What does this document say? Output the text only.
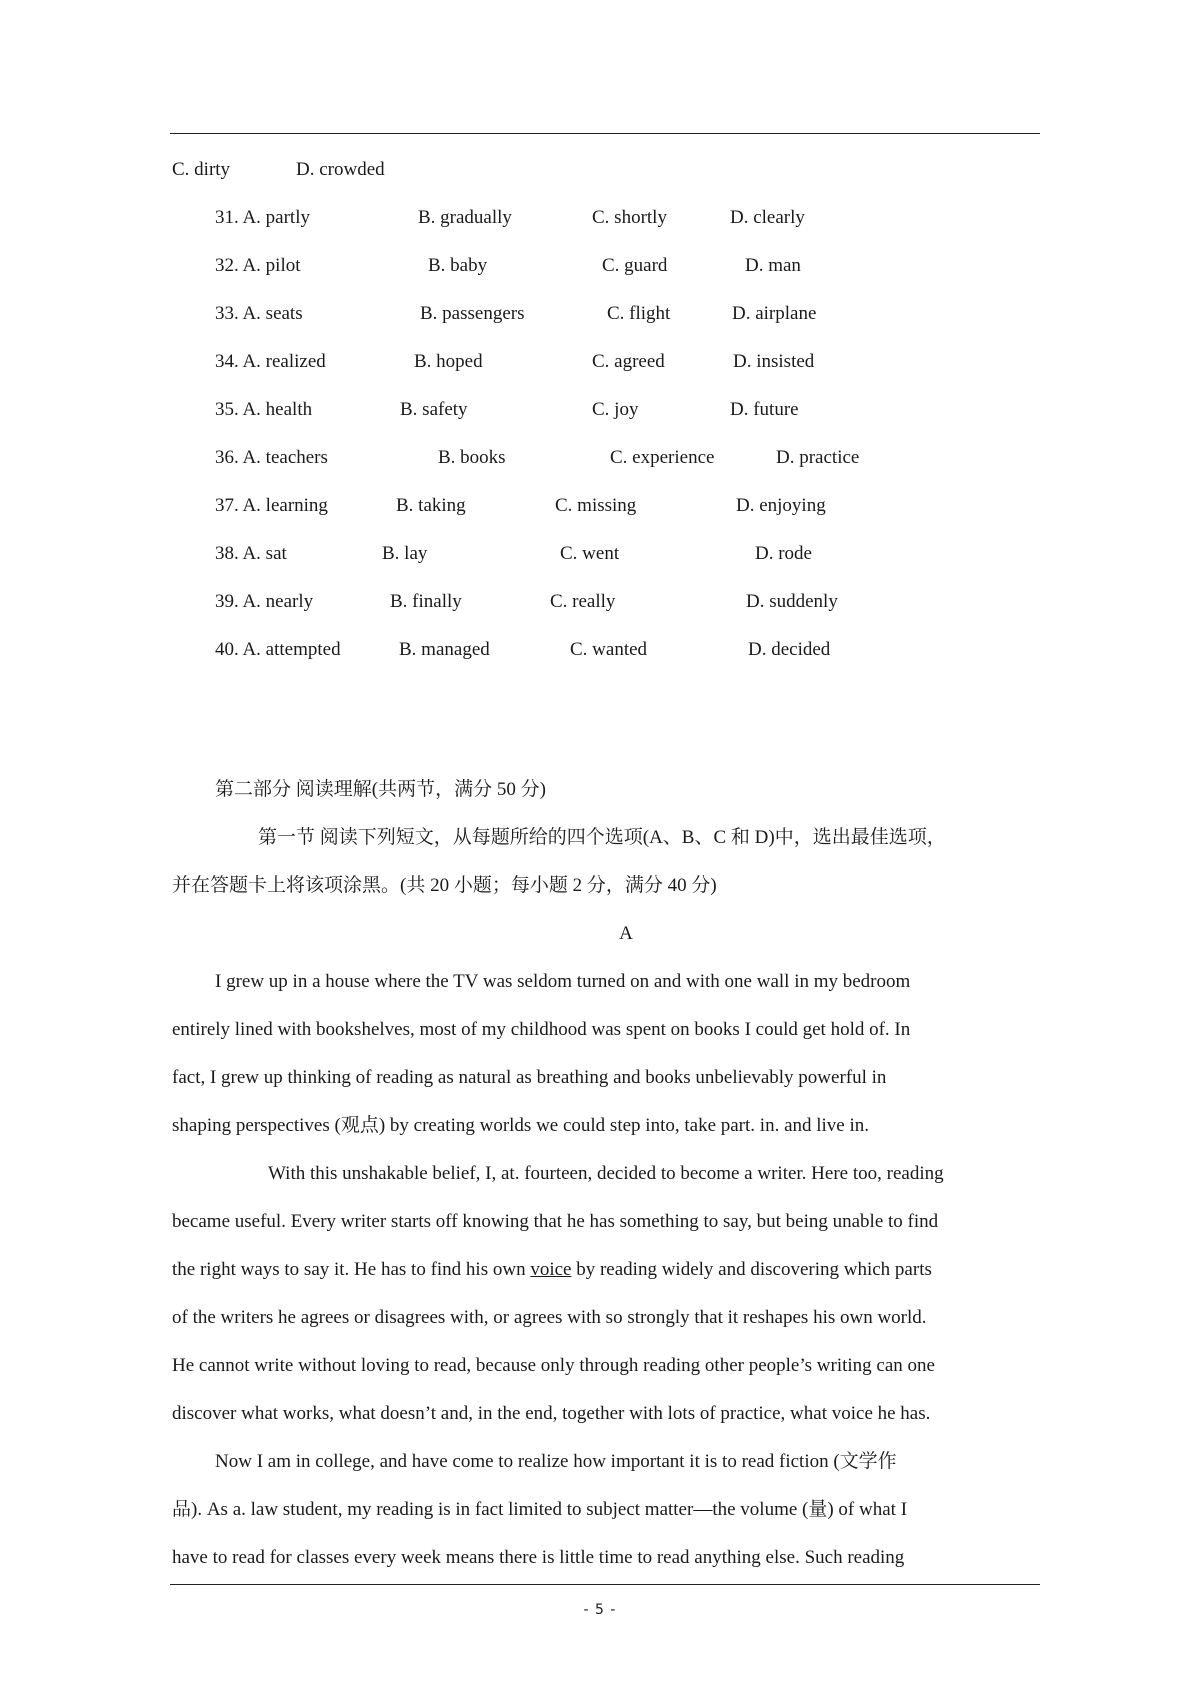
C. dirty	D. crowded
31. A. partly	B. gradually	C. shortly	D. clearly
32. A. pilot	B. baby	C. guard	D. man
33. A. seats	B. passengers	C. flight	D. airplane
34. A. realized	B. hoped	C. agreed	D. insisted
35. A. health	B. safety	C. joy	D. future
36. A. teachers	B. books	C. experience	D. practice
37. A. learning	B. taking	C. missing	D. enjoying
38. A. sat	B. lay	C. went	D. rode
39. A. nearly	B. finally	C. really	D. suddenly
40. A. attempted	B. managed	C. wanted	D. decided
第二部分 阅读理解(共两节，满分 50 分)
第一节 阅读下列短文，从每题所给的四个选项(A、B、C 和 D)中，选出最佳选项，
并在答题卡上将该项涂黑。(共 20 小题；每小题 2 分，满分 40 分)
A
I grew up in a house where the TV was seldom turned on and with one wall in my bedroom
entirely lined with bookshelves, most of my childhood was spent on books I could get hold of. In
fact, I grew up thinking of reading as natural as breathing and books unbelievably powerful in
shaping perspectives (观点) by creating worlds we could step into, take part. in. and live in.
With this unshakable belief, I, at. fourteen, decided to become a writer. Here too, reading
became useful. Every writer starts off knowing that he has something to say, but being unable to find
the right ways to say it. He has to find his own voice by reading widely and discovering which parts
of the writers he agrees or disagrees with, or agrees with so strongly that it reshapes his own world.
He cannot write without loving to read, because only through reading other people’s writing can one
discover what works, what doesn’t and, in the end, together with lots of practice, what voice he has.
Now I am in college, and have come to realize how important it is to read fiction (文学作
品). As a. law student, my reading is in fact limited to subject matter—the volume (量) of what I
have to read for classes every week means there is little time to read anything else. Such reading
- 5 -
